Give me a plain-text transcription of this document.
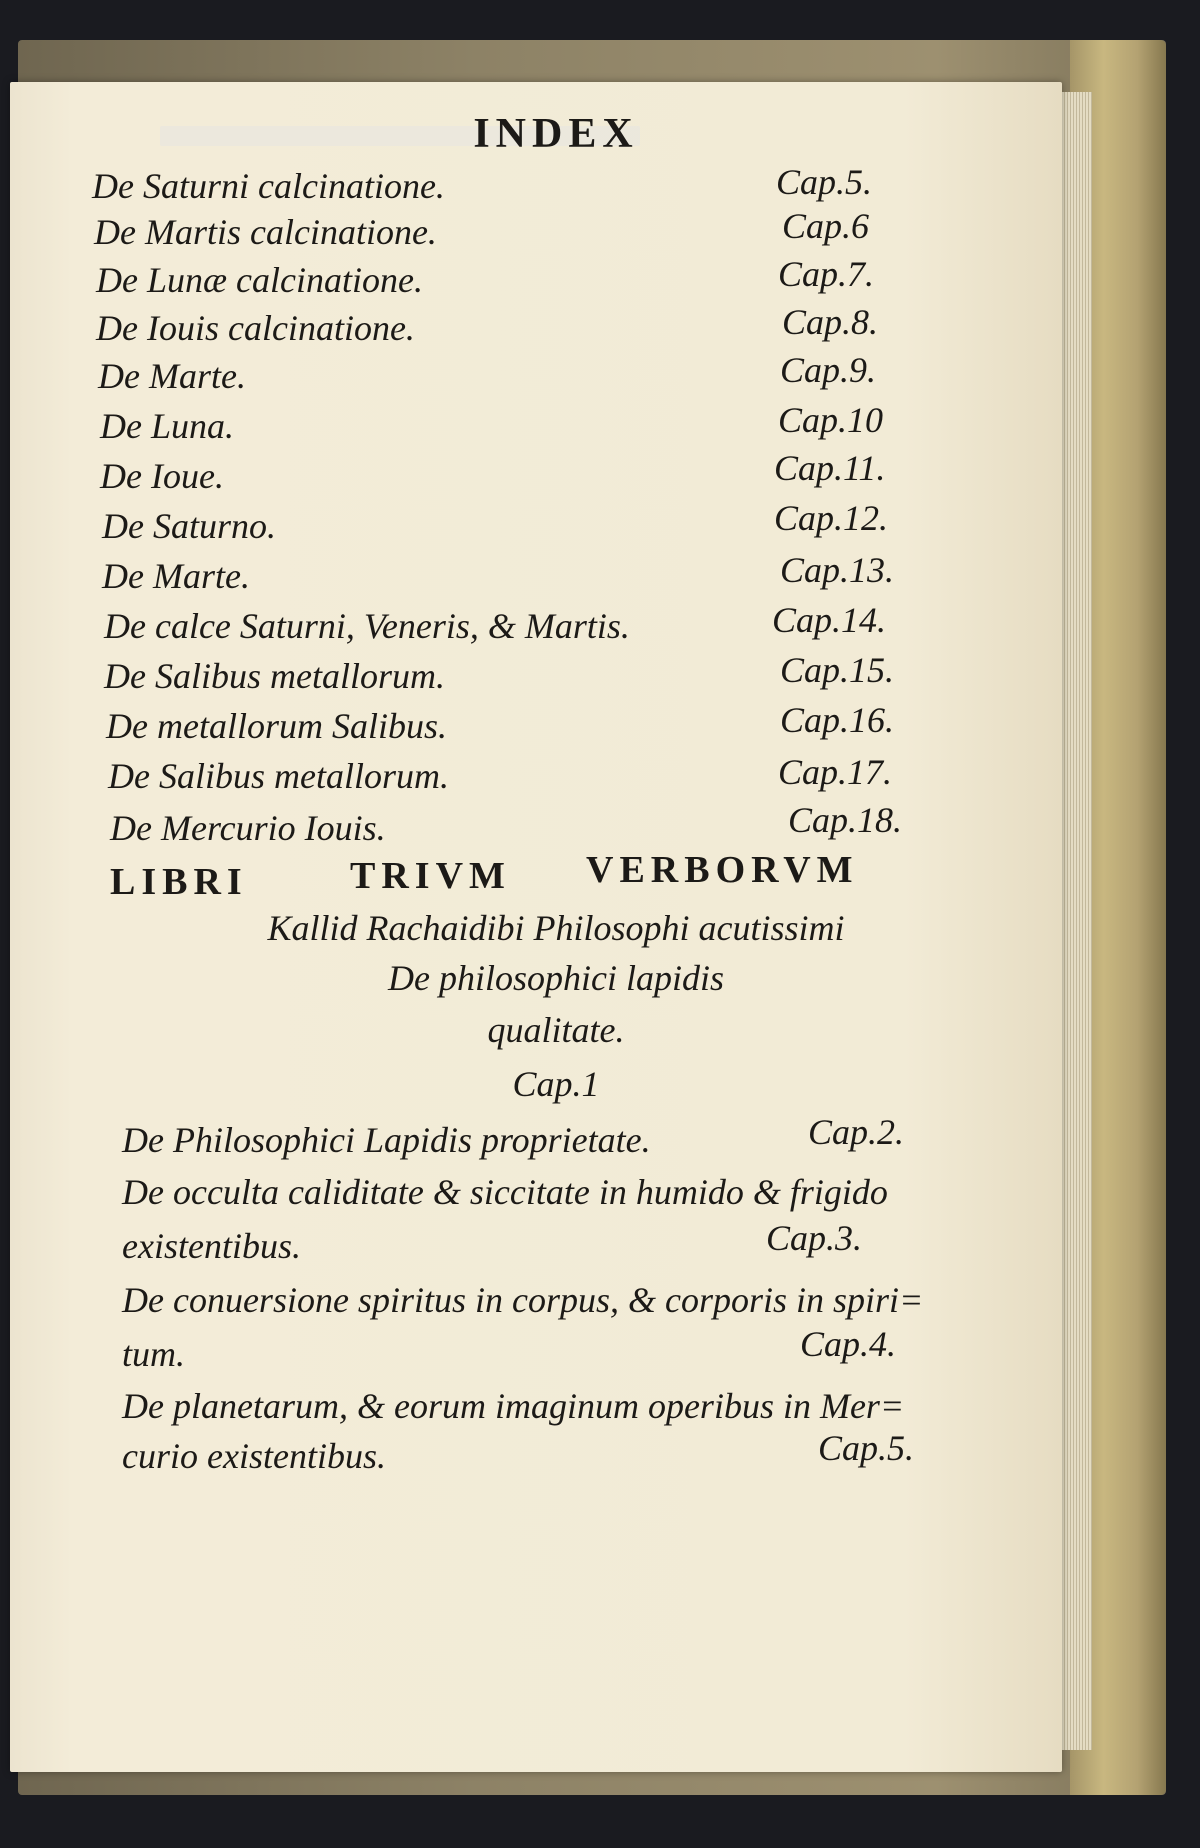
INDEX
De Saturni calcinatione.	Cap.5.
De Martis calcinatione.	Cap.6
De Lunæ calcinatione.	Cap.7.
De Iouis calcinatione.	Cap.8.
De Marte.	Cap.9.
De Luna.	Cap.10
De Ioue.	Cap.11.
De Saturno.	Cap.12.
De Marte.	Cap.13.
De calce Saturni, Veneris, & Martis.	Cap.14.
De Salibus metallorum.	Cap.15.
De metallorum Salibus.	Cap.16.
De Salibus metallorum.	Cap.17.
De Mercurio Iouis.	Cap.18.
LIBRI	TRIVM VERBORVM
Kallid Rachaidibi Philosophi acutissimi
De philosophici lapidis
qualitate.
Cap.1
De Philosophici Lapidis proprietate.	Cap.2.
De occulta caliditate & siccitate in humido & frigido
existentibus.	Cap.3.
De conuersione spiritus in corpus, & corporis in spiri=
tum.	Cap.4.
De planetarum, & eorum imaginum operibus in Mer=
curio existentibus.	Cap.5.
